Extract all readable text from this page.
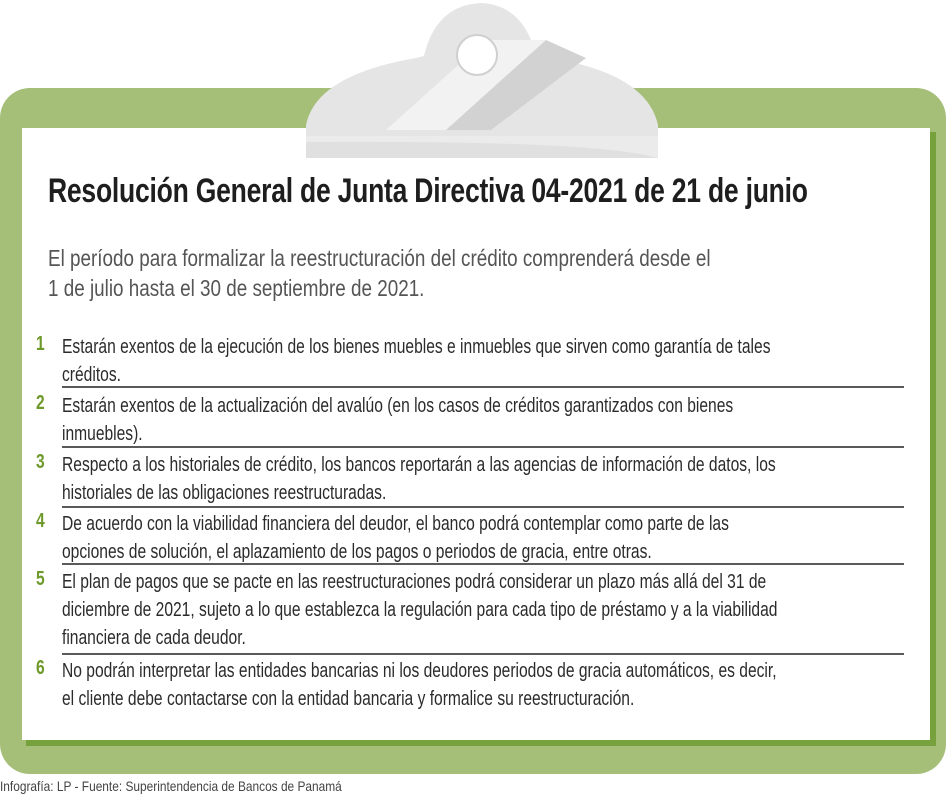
Resolución General de Junta Directiva 04-2021 de 21 de junio
El período para formalizar la reestructuración del crédito comprenderá desde el
1 de julio hasta el 30 de septiembre de 2021.
1 Estarán exentos de la ejecución de los bienes muebles e inmuebles que sirven como garantía de tales
créditos.
2 Estarán exentos de la actualización del avalúo (en los casos de créditos garantizados con bienes
inmuebles).
3 Respecto a los historiales de crédito, los bancos reportarán a las agencias de información de datos, los
historiales de las obligaciones reestructuradas.
4 De acuerdo con la viabilidad financiera del deudor, el banco podrá contemplar como parte de las
opciones de solución, el aplazamiento de los pagos o periodos de gracia, entre otras.
5 El plan de pagos que se pacte en las reestructuraciones podrá considerar un plazo más allá del 31 de
diciembre de 2021, sujeto a lo que establezca la regulación para cada tipo de préstamo y a la viabilidad
financiera de cada deudor.
6 No podrán interpretar las entidades bancarias ni los deudores periodos de gracia automáticos, es decir,
el cliente debe contactarse con la entidad bancaria y formalice su reestructuración.
Infografía: LP - Fuente: Superintendencia de Bancos de Panamá
